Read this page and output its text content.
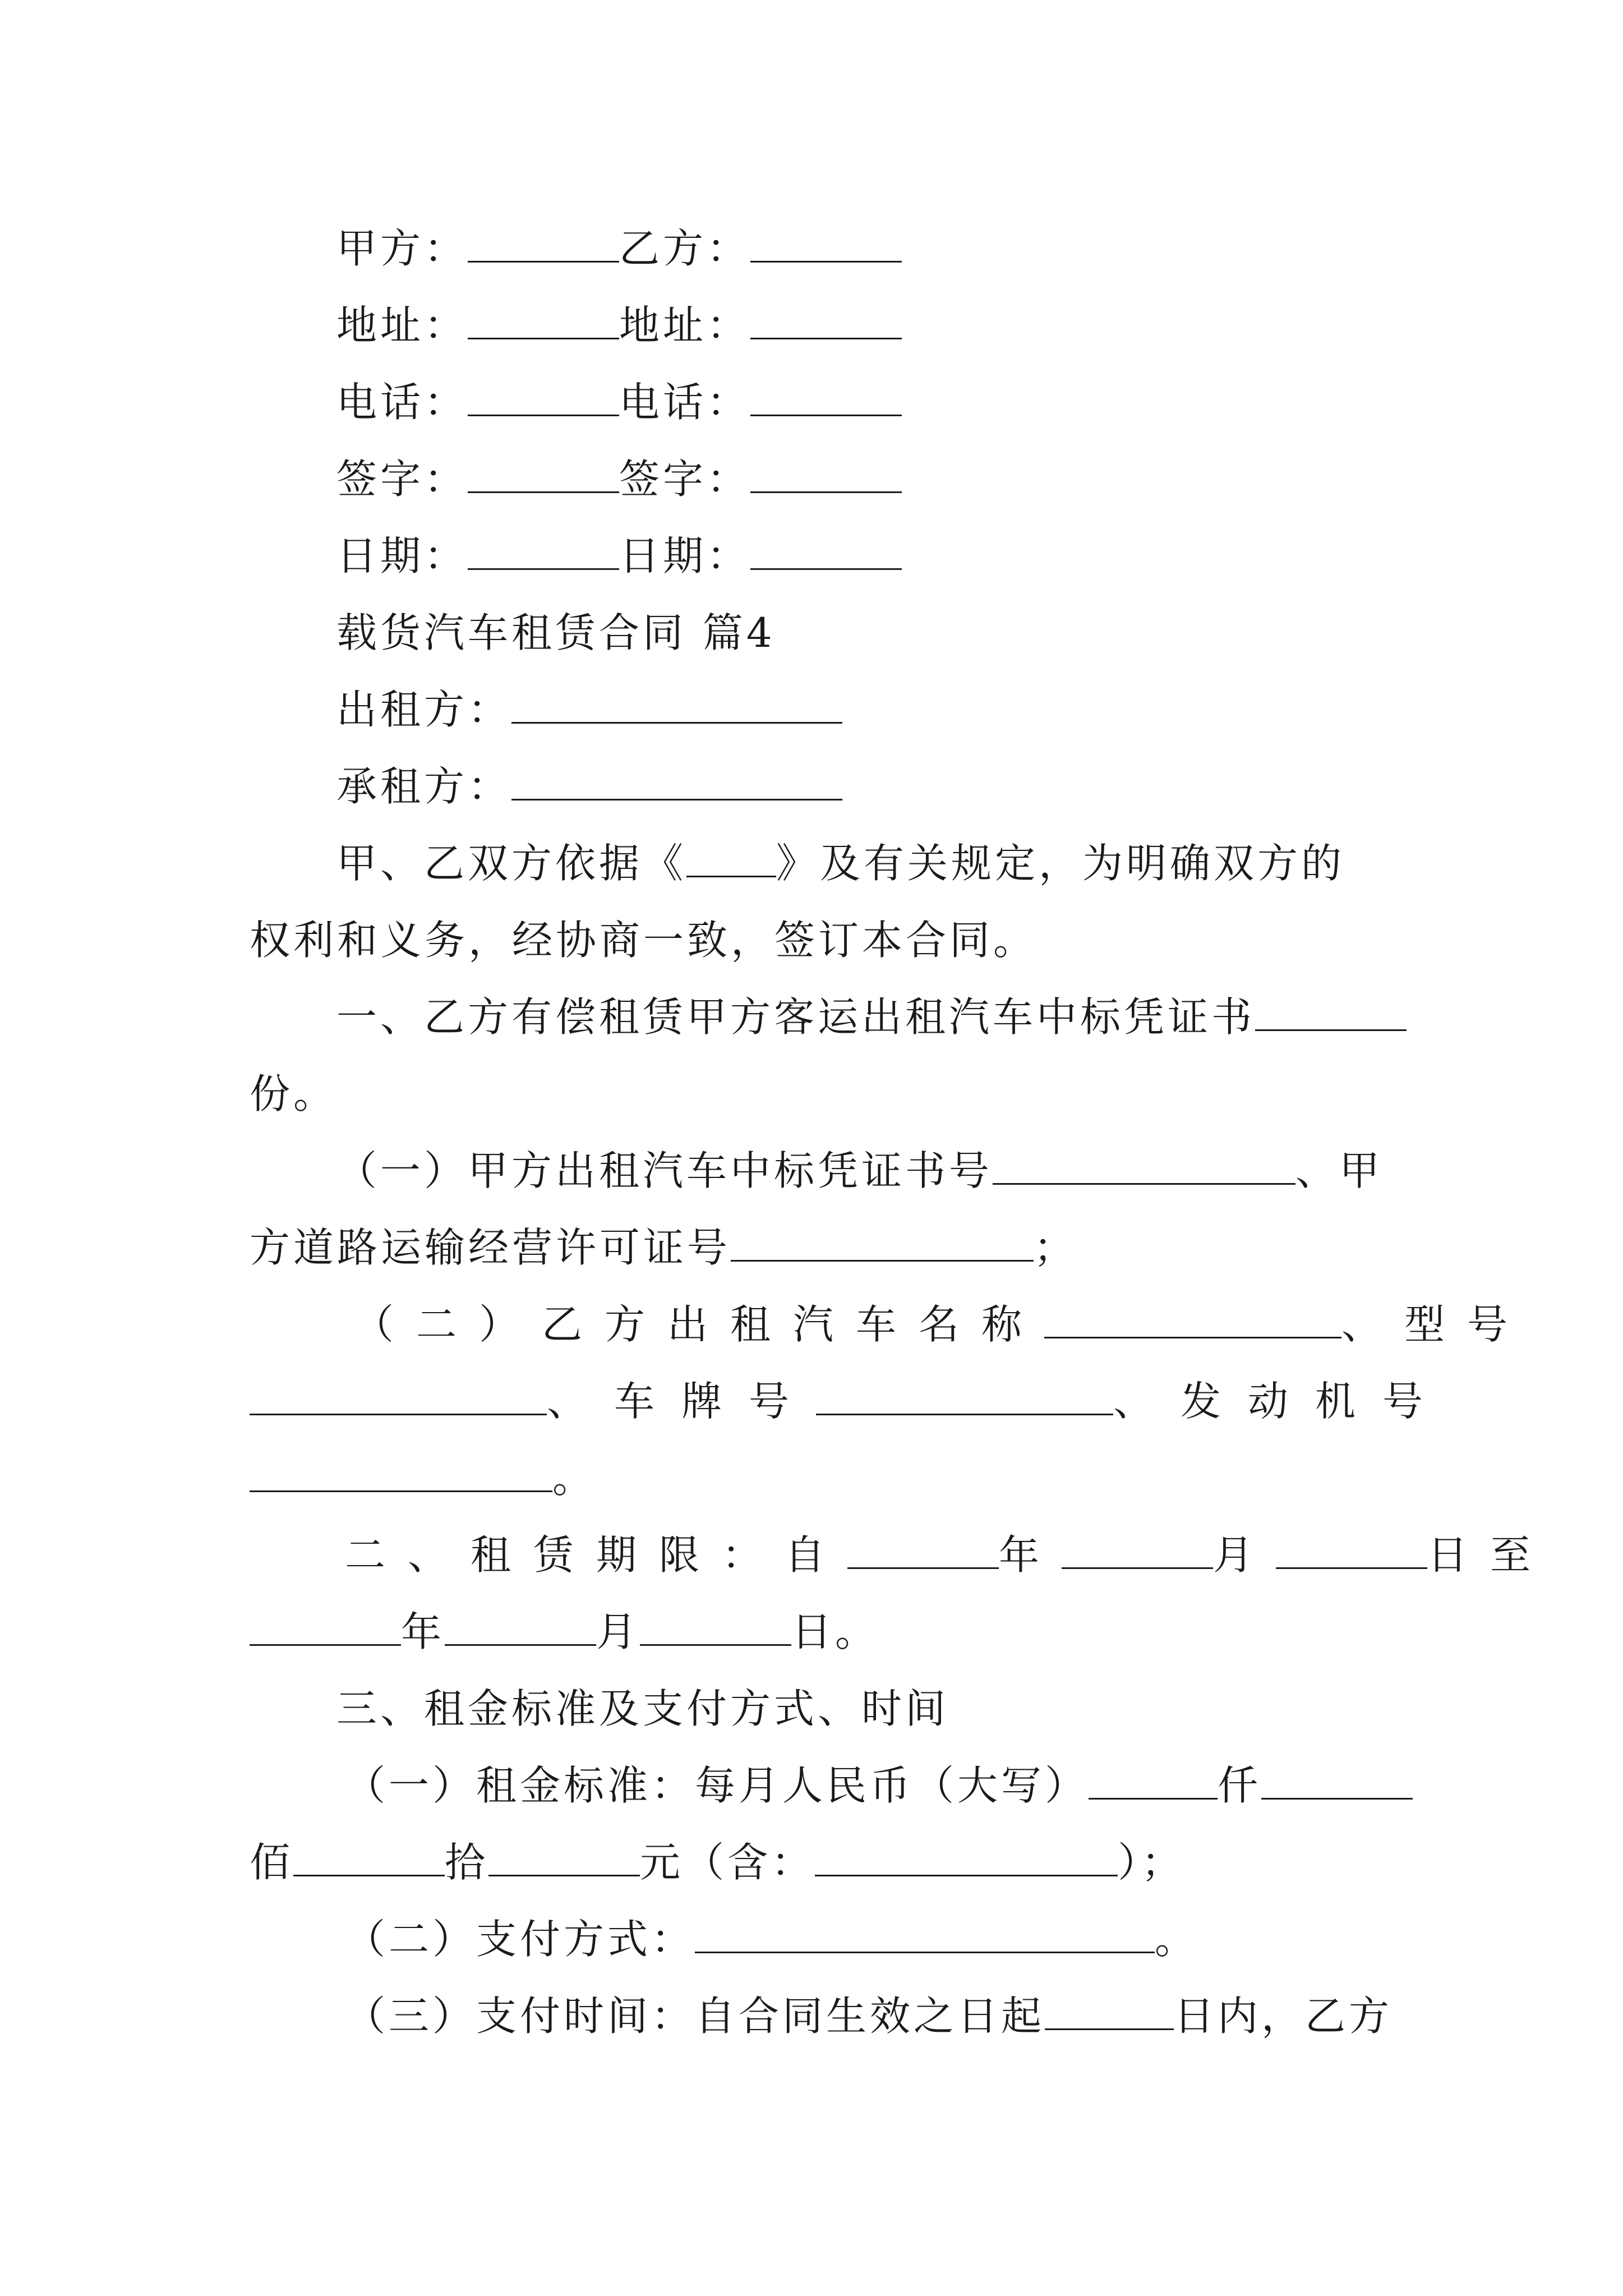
甲方：	乙方：
地址：	地址：
电话：	电话：
签字：	签字：
日期：	日期：
载货汽车租赁合同 篇4
出租方：
承租方：
甲、乙双方依据《 》及有关规定，为明确双方的
权利和义务，经协商一致，签订本合同。
一、乙方有偿租赁甲方客运出租汽车中标凭证书
份。
（一）甲方出租汽车中标凭证书号	、甲
方道路运输经营许可证号	；
（二）乙方出租汽车名称	、型号
、车牌号	、发动机号
。
二、租赁期限：自	年	月	日至
年	月	日。
三、租金标准及支付方式、时间
（一）租金标准：每月人民币（大写）	仟
佰	拾	元（含：	）；
（二）支付方式：	。
（三）支付时间：自合同生效之日起	日内，乙方
